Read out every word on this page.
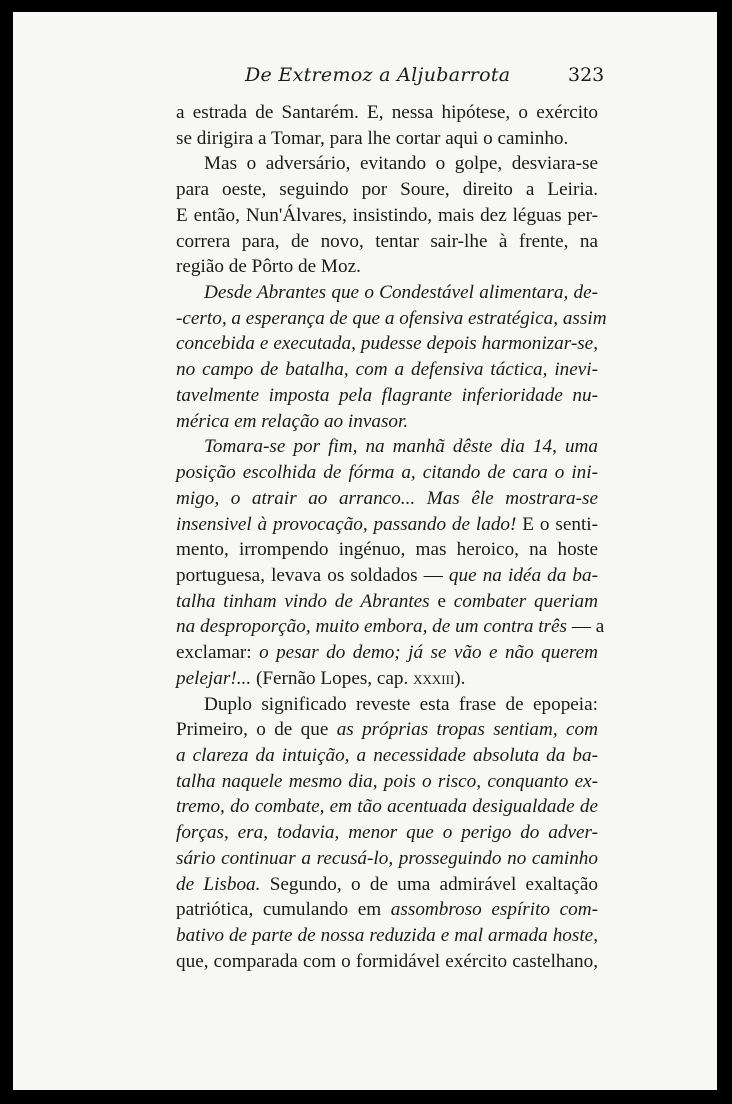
De Extremoz a Aljubarrota	323
a estrada de Santarém. E, nessa hipótese, o exército
se dirigira a Tomar, para lhe cortar aqui o caminho.
Mas o adversário, evitando o golpe, desviara-se
para oeste, seguindo por Soure, direito a Leiria.
E então, Nun'Álvares, insistindo, mais dez léguas per-
correra para, de novo, tentar sair-lhe à frente, na
região de Pôrto de Moz.
Desde Abrantes que o Condestável alimentara, de-
-certo, a esperança de que a ofensiva estratégica, assim
concebida e executada, pudesse depois harmonizar-se,
no campo de batalha, com a defensiva táctica, inevi-
tavelmente imposta pela flagrante inferioridade nu-
mérica em relação ao invasor.
Tomara-se por fim, na manhã dêste dia 14, uma
posição escolhida de fórma a, citando de cara o ini-
migo, o atrair ao arranco... Mas êle mostrara-se
insensivel à provocação, passando de lado! E o senti-
mento, irrompendo ingénuo, mas heroico, na hoste
portuguesa, levava os soldados — que na idéa da ba-
talha tinham vindo de Abrantes e combater queriam
na desproporção, muito embora, de um contra três — a
exclamar: o pesar do demo; já se vão e não querem
pelejar!... (Fernão Lopes, cap. xxxiii).
Duplo significado reveste esta frase de epopeia:
Primeiro, o de que as próprias tropas sentiam, com
a clareza da intuição, a necessidade absoluta da ba-
talha naquele mesmo dia, pois o risco, conquanto ex-
tremo, do combate, em tão acentuada desigualdade de
forças, era, todavia, menor que o perigo do adver-
sário continuar a recusá-lo, prosseguindo no caminho
de Lisboa. Segundo, o de uma admirável exaltação
patriótica, cumulando em assombroso espírito com-
bativo de parte de nossa reduzida e mal armada hoste,
que, comparada com o formidável exército castelhano,
